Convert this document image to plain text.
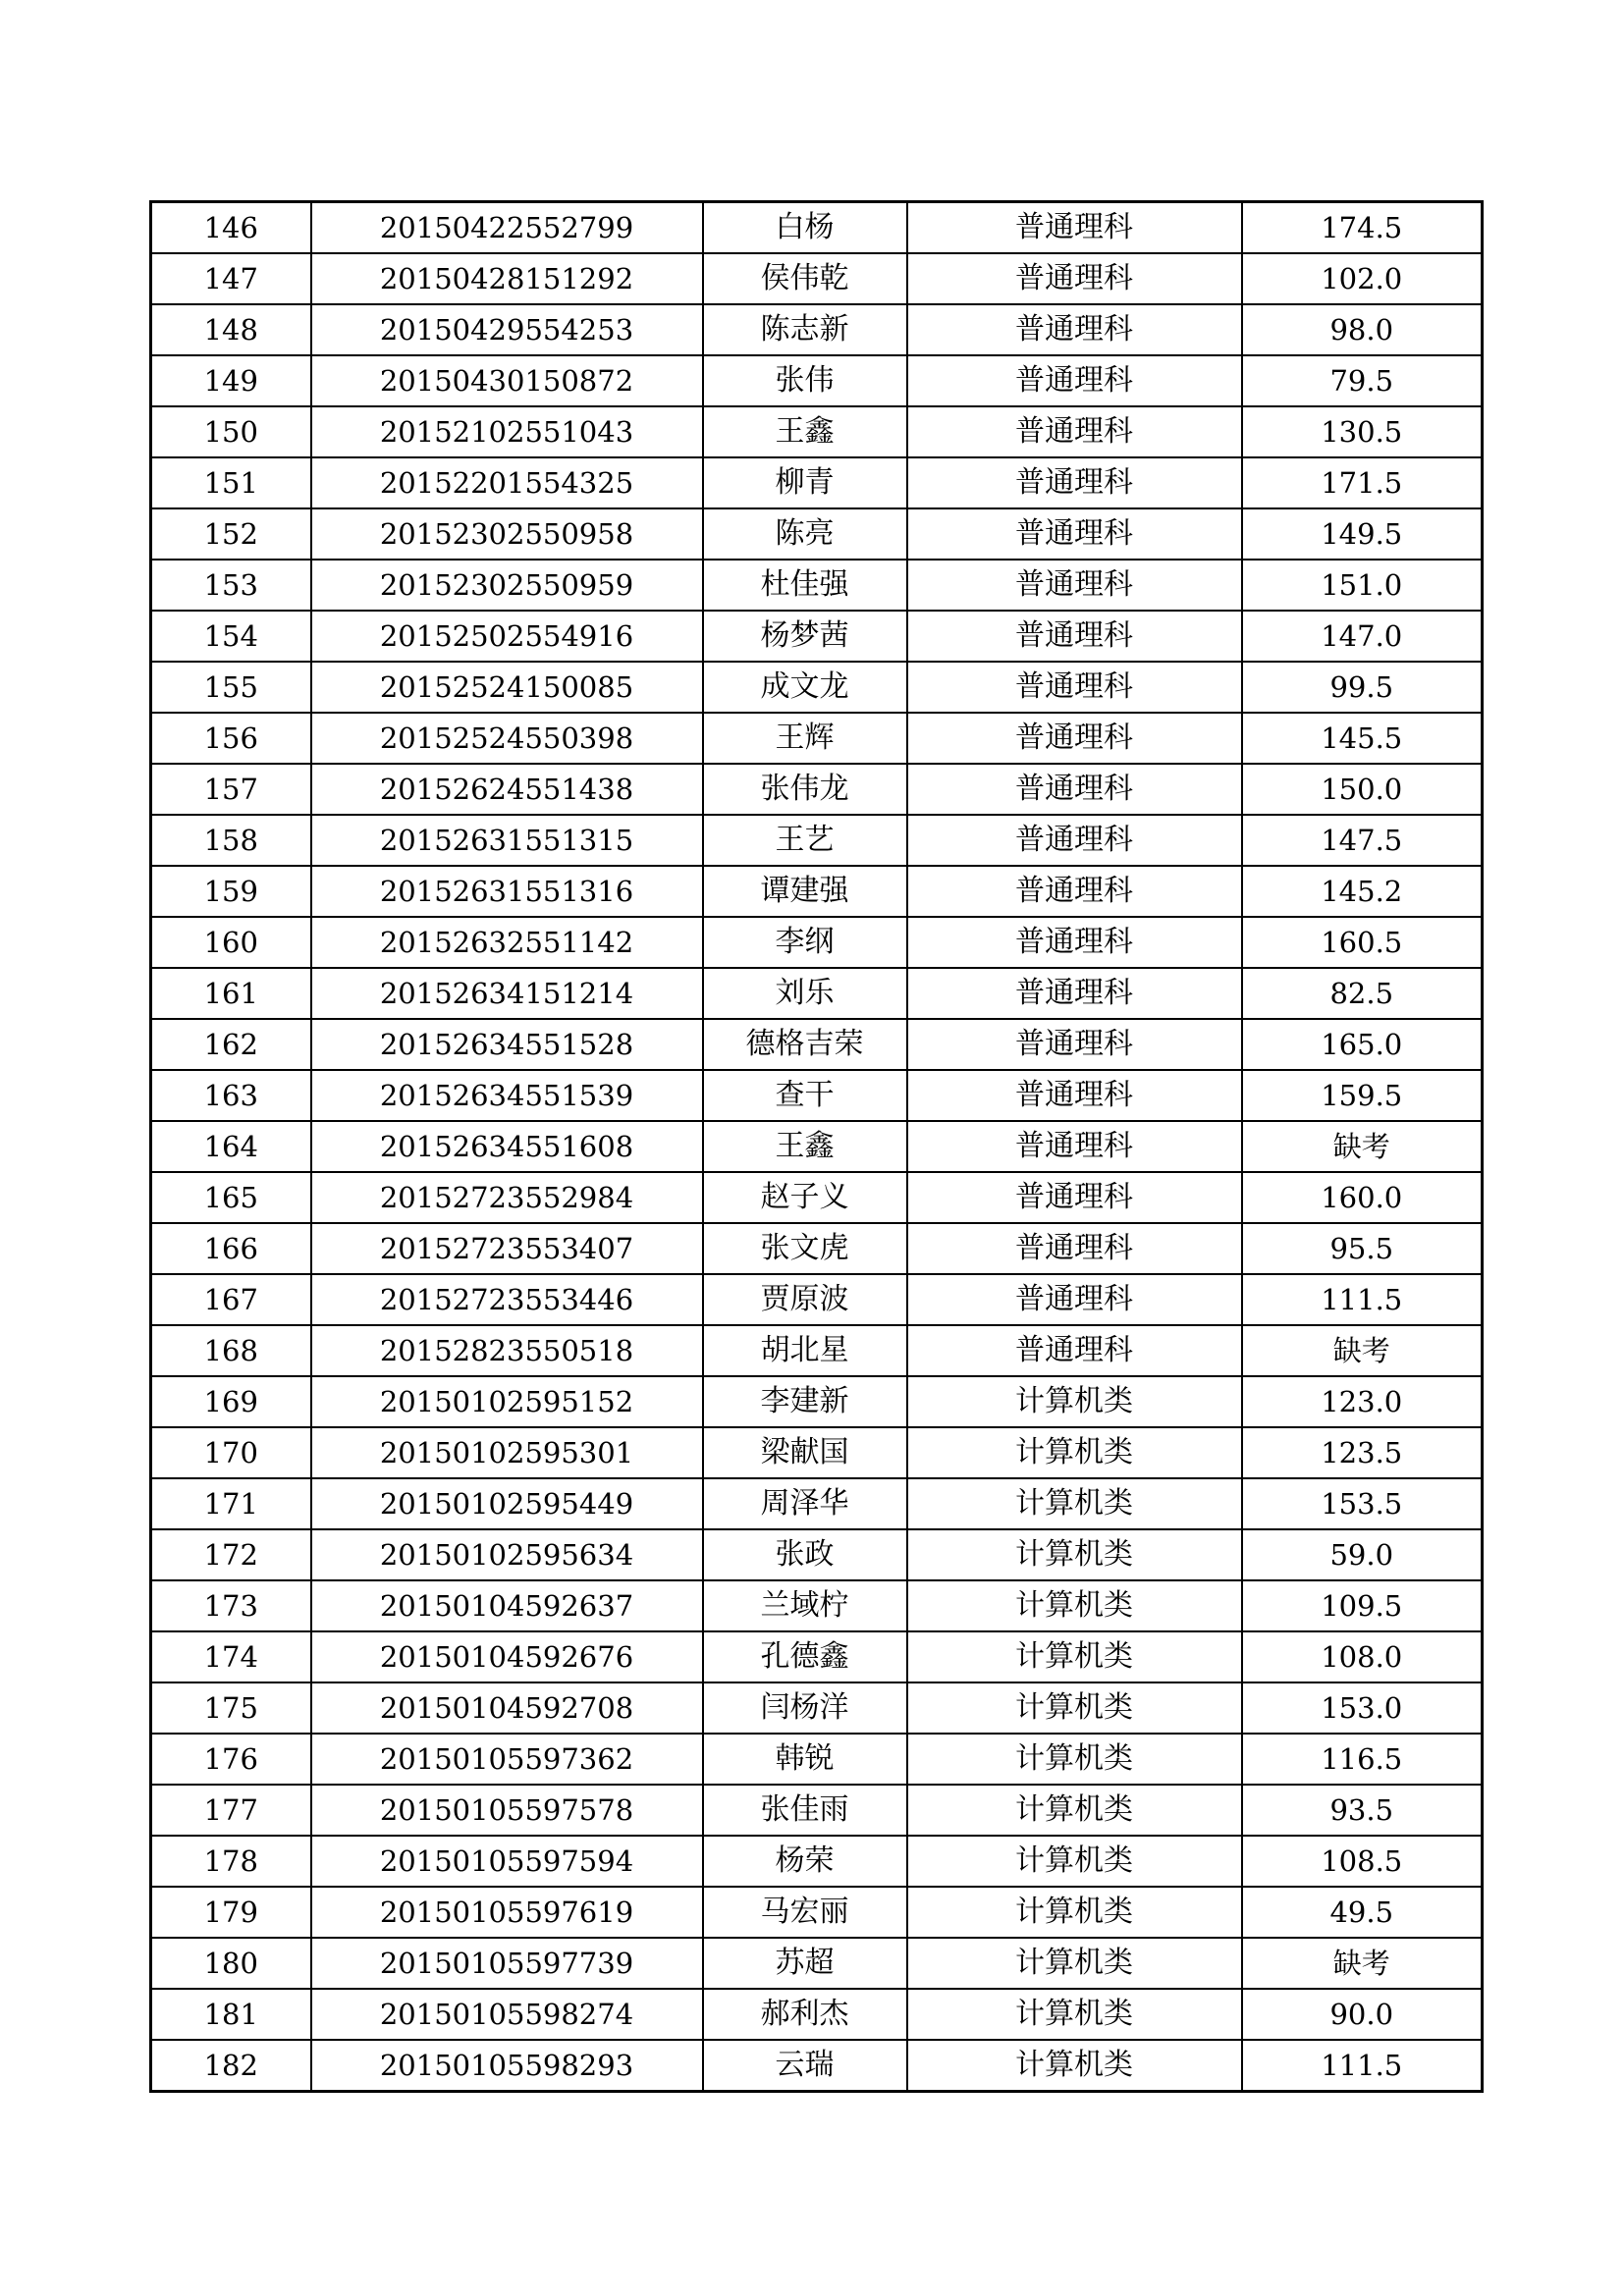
146	20150422552799	白杨	普通理科	174.5
147	20150428151292	侯伟乾	普通理科	102.0
148	20150429554253	陈志新	普通理科	98.0
149	20150430150872	张伟	普通理科	79.5
150	20152102551043	王鑫	普通理科	130.5
151	20152201554325	柳青	普通理科	171.5
152	20152302550958	陈亮	普通理科	149.5
153	20152302550959	杜佳强	普通理科	151.0
154	20152502554916	杨梦茜	普通理科	147.0
155	20152524150085	成文龙	普通理科	99.5
156	20152524550398	王辉	普通理科	145.5
157	20152624551438	张伟龙	普通理科	150.0
158	20152631551315	王艺	普通理科	147.5
159	20152631551316	谭建强	普通理科	145.2
160	20152632551142	李纲	普通理科	160.5
161	20152634151214	刘乐	普通理科	82.5
162	20152634551528	德格吉荣	普通理科	165.0
163	20152634551539	查干	普通理科	159.5
164	20152634551608	王鑫	普通理科	缺考
165	20152723552984	赵子义	普通理科	160.0
166	20152723553407	张文虎	普通理科	95.5
167	20152723553446	贾原波	普通理科	111.5
168	20152823550518	胡北星	普通理科	缺考
169	20150102595152	李建新	计算机类	123.0
170	20150102595301	梁献国	计算机类	123.5
171	20150102595449	周泽华	计算机类	153.5
172	20150102595634	张政	计算机类	59.0
173	20150104592637	兰域柠	计算机类	109.5
174	20150104592676	孔德鑫	计算机类	108.0
175	20150104592708	闫杨洋	计算机类	153.0
176	20150105597362	韩锐	计算机类	116.5
177	20150105597578	张佳雨	计算机类	93.5
178	20150105597594	杨荣	计算机类	108.5
179	20150105597619	马宏丽	计算机类	49.5
180	20150105597739	苏超	计算机类	缺考
181	20150105598274	郝利杰	计算机类	90.0
182	20150105598293	云瑞	计算机类	111.5
